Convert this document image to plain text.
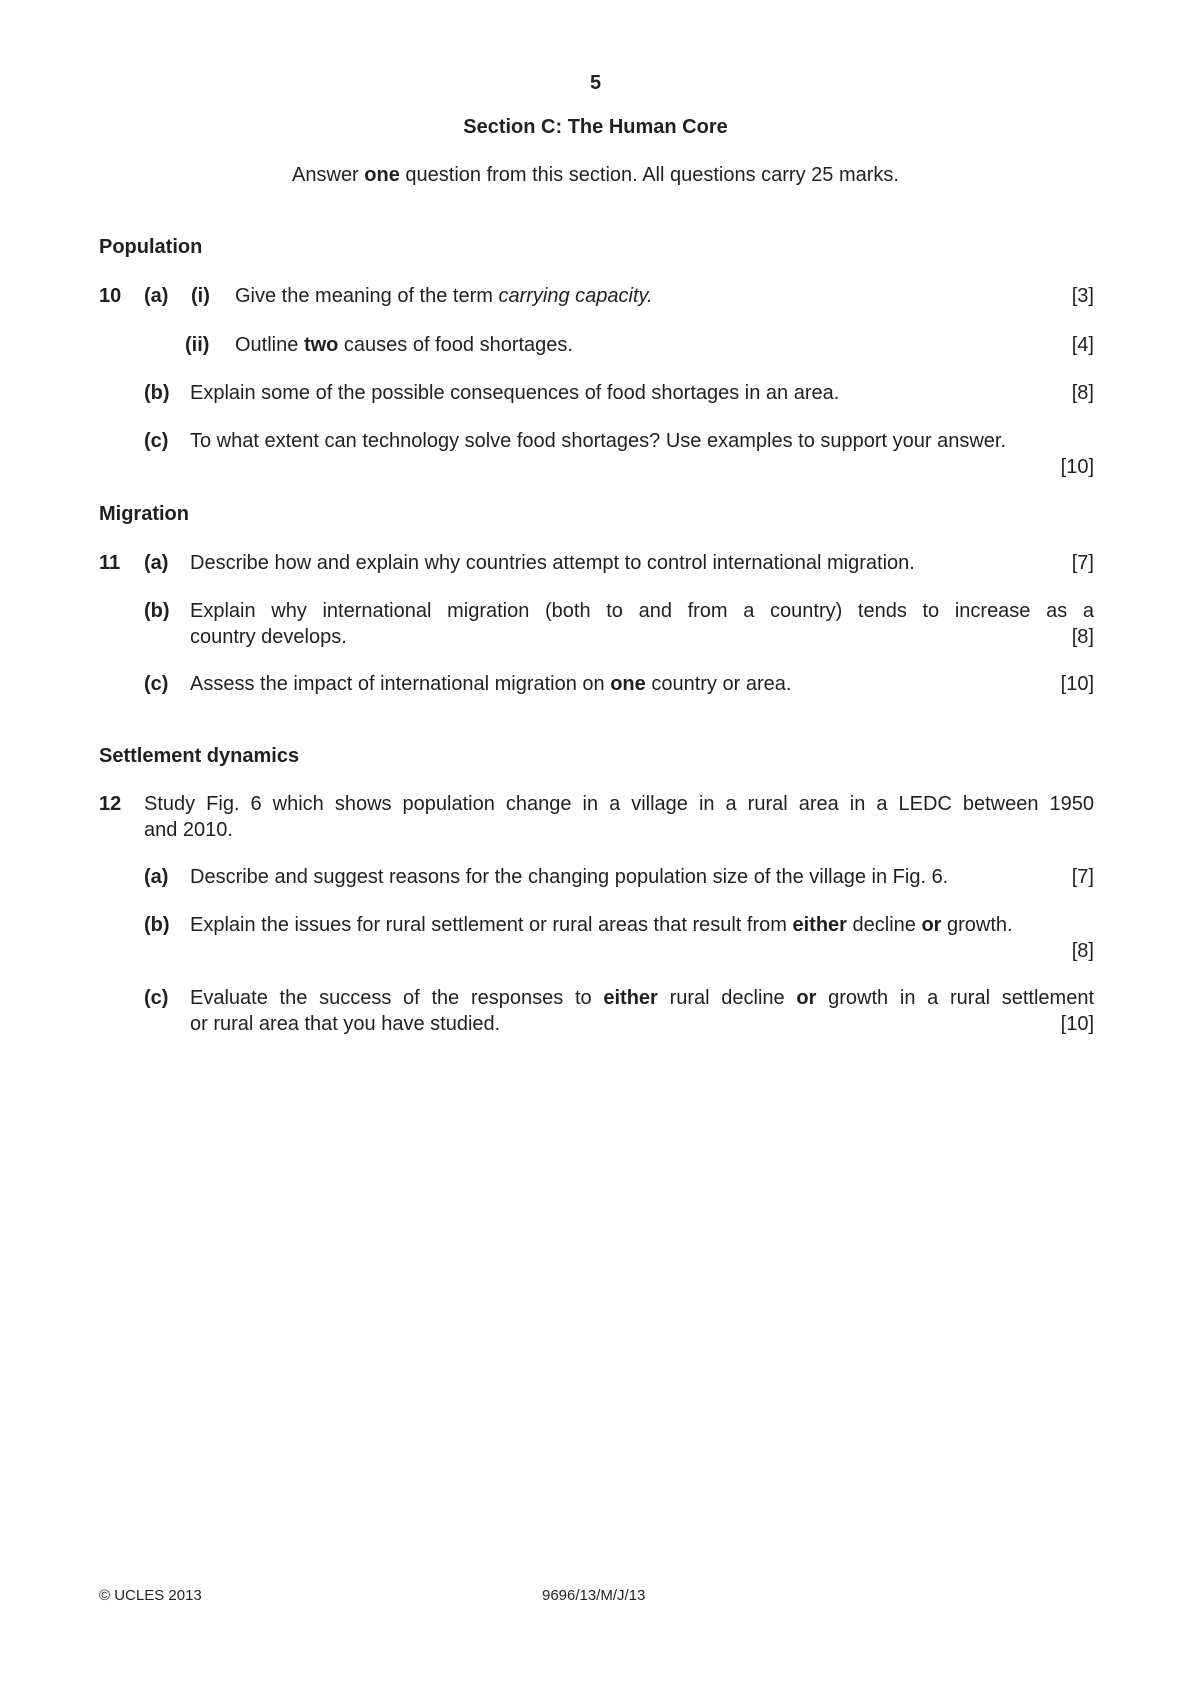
5
Section C: The Human Core
Answer one question from this section. All questions carry 25 marks.
Population
10 (a) (i) Give the meaning of the term carrying capacity.	[3]
(ii) Outline two causes of food shortages.	[4]
(b) Explain some of the possible consequences of food shortages in an area.	[8]
(c) To what extent can technology solve food shortages? Use examples to support your answer.
[10]
Migration
11 (a) Describe how and explain why countries attempt to control international migration.	[7]
(b) Explain why international migration (both to and from a country) tends to increase as a
country develops.	[8]
(c) Assess the impact of international migration on one country or area.	[10]
Settlement dynamics
12 Study Fig. 6 which shows population change in a village in a rural area in a LEDC between 1950
and 2010.
(a) Describe and suggest reasons for the changing population size of the village in Fig. 6.	[7]
(b) Explain the issues for rural settlement or rural areas that result from either decline or growth.
[8]
(c) Evaluate the success of the responses to either rural decline or growth in a rural settlement
or rural area that you have studied.	[10]
© UCLES 2013	9696/13/M/J/13
